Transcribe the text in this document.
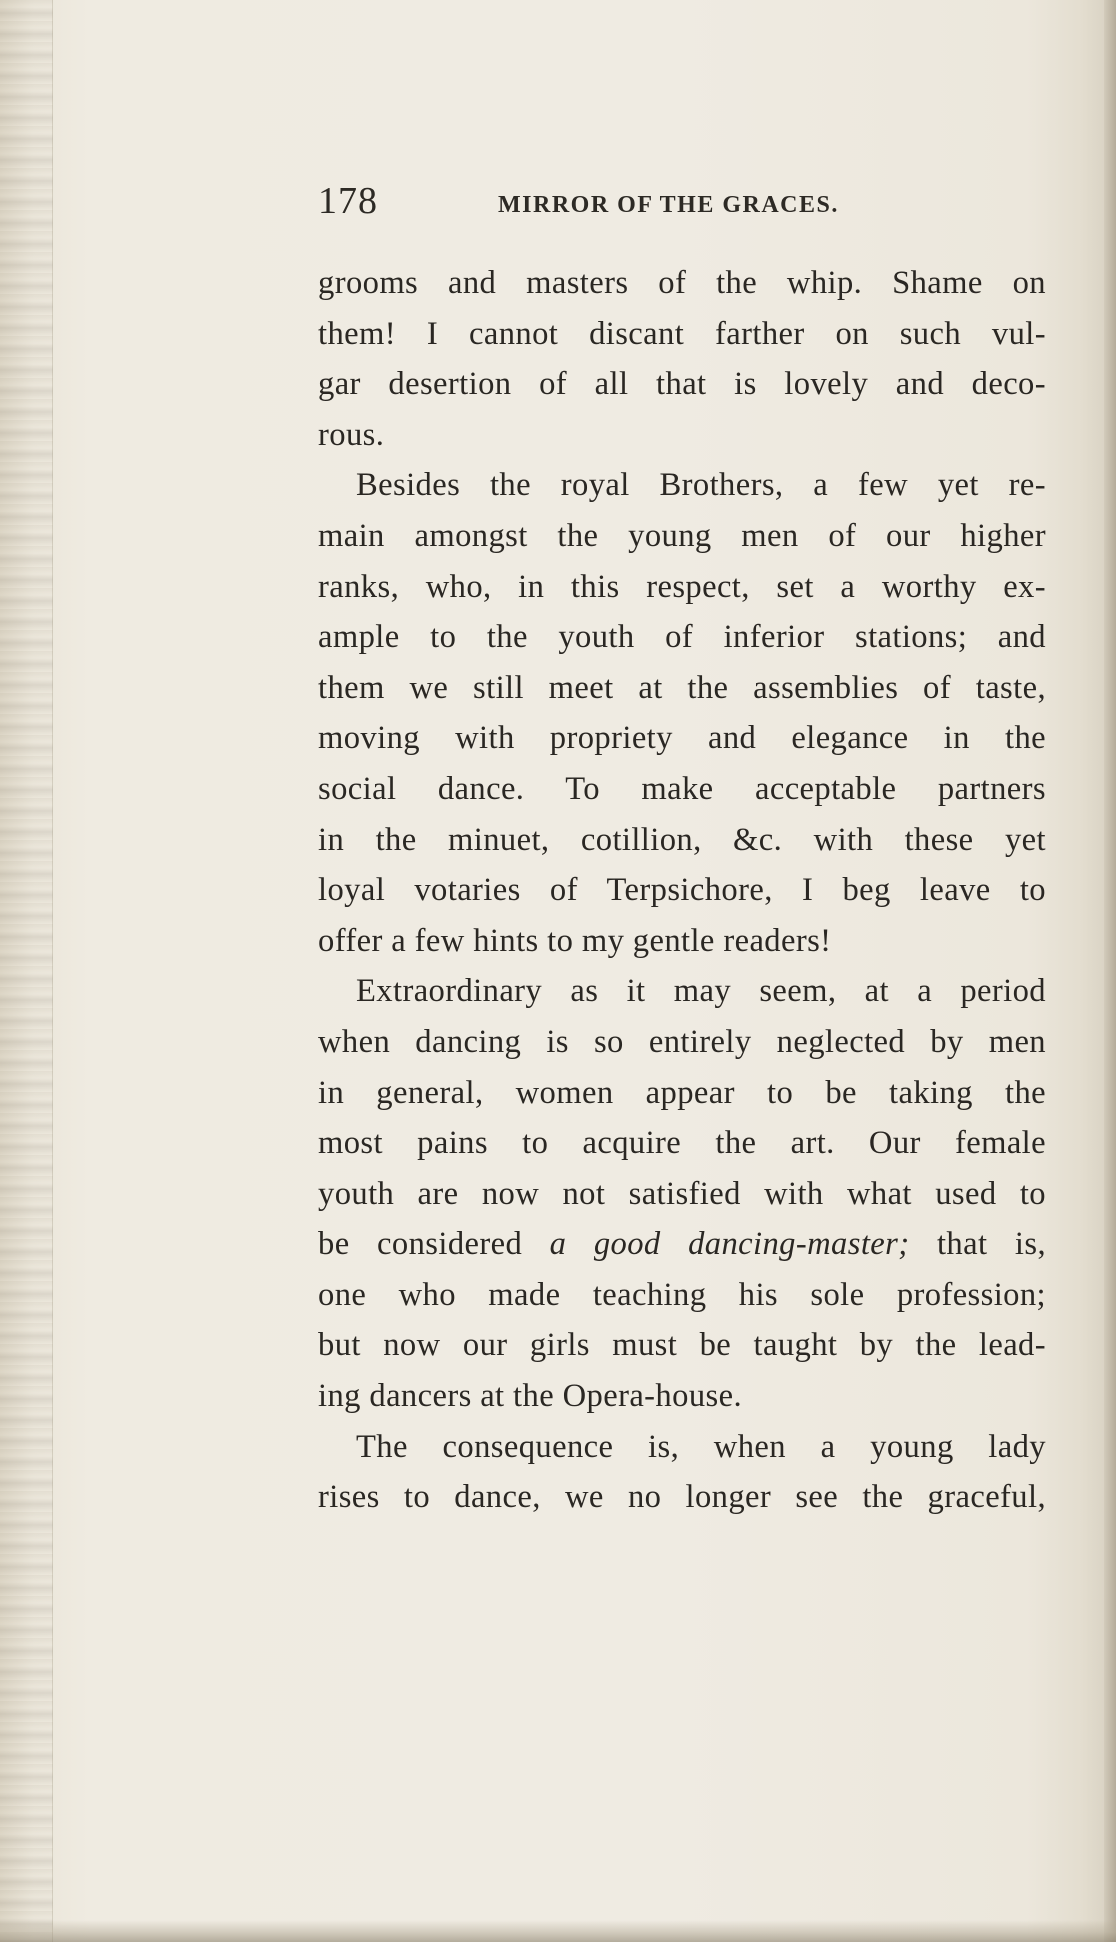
178	MIRROR OF THE GRACES.
grooms and masters of the whip. Shame on
them! I cannot discant farther on such vul-
gar desertion of all that is lovely and deco-
rous.
Besides the royal Brothers, a few yet re-
main amongst the young men of our higher
ranks, who, in this respect, set a worthy ex-
ample to the youth of inferior stations; and
them we still meet at the assemblies of taste,
moving with propriety and elegance in the
social dance. To make acceptable partners
in the minuet, cotillion, &c. with these yet
loyal votaries of Terpsichore, I beg leave to
offer a few hints to my gentle readers!
Extraordinary as it may seem, at a period
when dancing is so entirely neglected by men
in general, women appear to be taking the
most pains to acquire the art. Our female
youth are now not satisfied with what used to
be considered a good dancing-master; that is,
one who made teaching his sole profession;
but now our girls must be taught by the lead-
ing dancers at the Opera-house.
The consequence is, when a young lady
rises to dance, we no longer see the graceful,
